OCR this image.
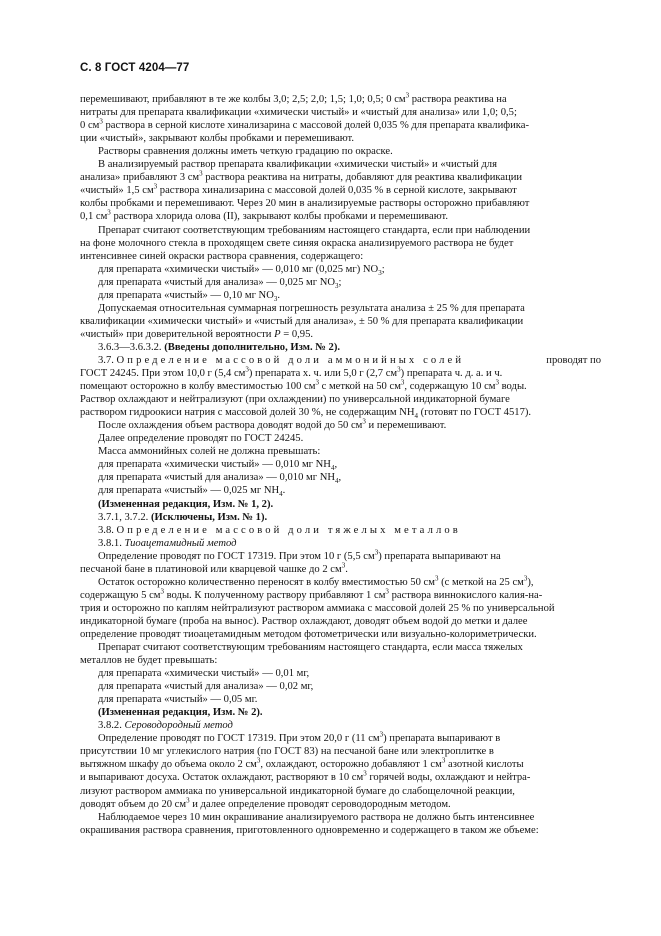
С. 8 ГОСТ 4204—77

перемешивают, прибавляют в те же колбы 3,0; 2,5; 2,0; 1,5; 1,0; 0,5; 0 $см^3$ раствора реактива на

нитраты для препарата квалификации «химически чистый» и «чистый для анализа» или 1,0; 0,5;

0 $см^3$ раствора в серной кислоте хинализарина с массовой долей 0,035 % для препарата квалифика-

ции «чистый», закрывают колбы пробками и перемешивают.

Растворы сравнения должны иметь четкую градацию по окраске.

В анализируемый раствор препарата квалификации «химически чистый» и «чистый для

анализа» прибавляют 3 $см^3$ раствора реактива на нитраты, добавляют для реактива квалификации

«чистый» 1,5 $см^3$ раствора хинализарина с массовой долей 0,035 % в серной кислоте, закрывают

колбы пробками и перемешивают. Через 20 мин в анализируемые растворы осторожно прибавляют

0,1 $см^3$ раствора хлорида олова (II), закрывают колбы пробками и перемешивают.

Препарат считают соответствующим требованиям настоящего стандарта, если при наблюдении

на фоне молочного стекла в проходящем свете синяя окраска анализируемого раствора не будет

интенсивнее синей окраски раствора сравнения, содержащего:

для препарата «химически чистый» — 0,010 мг (0,025 мг) $NO_3$;

для препарата «чистый для анализа» — 0,025 мг $NO_3$;

для препарата «чистый» — 0,10 мг $NO_3$.

Допускаемая относительная суммарная погрешность результата анализа ± 25 % для препарата

квалификации «химически чистый» и «чистый для анализа», ± 50 % для препарата квалификации

«чистый» при доверительной вероятности P = 0,95.

3.6.3—3.6.3.2. (Введены дополнительно, Изм. № 2).

3.7. Определение массовой доли аммонийных солей	проводят по

ГОСТ 24245. При этом 10,0 г (5,4 $см^3$) препарата х. ч. или 5,0 г (2,7 $см^3$) препарата ч. д. а. и ч.

помещают осторожно в колбу вместимостью 100 $см^3$ с меткой на 50 $см^3$, содержащую 10 $см^3$ воды.

Раствор охлаждают и нейтрализуют (при охлаждении) по универсальной индикаторной бумаге

раствором гидроокиси натрия с массовой долей 30 %, не содержащим $NH_4$ (готовят по ГОСТ 4517).

После охлаждения объем раствора доводят водой до 50 $см^3$ и перемешивают.

Далее определение проводят по ГОСТ 24245.

Масса аммонийных солей не должна превышать:

для препарата «химически чистый» — 0,010 мг $NH_4$,

для препарата «чистый для анализа» — 0,010 мг $NH_4$,

для препарата «чистый» — 0,025 мг $NH_4$.

(Измененная редакция, Изм. № 1, 2).

3.7.1, 3.7.2. (Исключены, Изм. № 1).

3.8. Определение массовой доли тяжелых металлов

3.8.1. Тиоацетамидный метод

Определение проводят по ГОСТ 17319. При этом 10 г (5,5 $см^3$) препарата выпаривают на

песчаной бане в платиновой или кварцевой чашке до 2 $см^3$.

Остаток осторожно количественно переносят в колбу вместимостью 50 $см^3$ (с меткой на 25 $см^3$),

содержащую 5 $см^3$ воды. К полученному раствору прибавляют 1 $см^3$ раствора виннокислого калия-на-

трия и осторожно по каплям нейтрализуют раствором аммиака с массовой долей 25 % по универсальной

индикаторной бумаге (проба на вынос). Раствор охлаждают, доводят объем водой до метки и далее

определение проводят тиоацетамидным методом фотометрически или визуально-колориметрически.

Препарат считают соответствующим требованиям настоящего стандарта, если масса тяжелых

металлов не будет превышать:

для препарата «химически чистый» — 0,01 мг,

для препарата «чистый для анализа» — 0,02 мг,

для препарата «чистый» — 0,05 мг.

(Измененная редакция, Изм. № 2).

3.8.2. Сероводородный метод

Определение проводят по ГОСТ 17319. При этом 20,0 г (11 $см^3$) препарата выпаривают в

присутствии 10 мг углекислого натрия (по ГОСТ 83) на песчаной бане или электроплитке в

вытяжном шкафу до объема около 2 $см^3$, охлаждают, осторожно добавляют 1 $см^3$ азотной кислоты

и выпаривают досуха. Остаток охлаждают, растворяют в 10 $см^3$ горячей воды, охлаждают и нейтра-

лизуют раствором аммиака по универсальной индикаторной бумаге до слабощелочной реакции,

доводят объем до 20 $см^3$ и далее определение проводят сероводородным методом.

Наблюдаемое через 10 мин окрашивание анализируемого раствора не должно быть интенсивнее

окрашивания раствора сравнения, приготовленного одновременно и содержащего в таком же объеме:
